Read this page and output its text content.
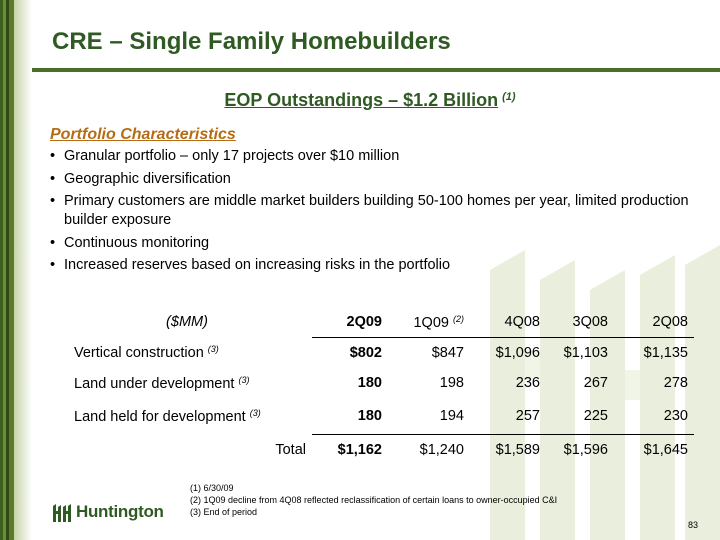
CRE – Single Family Homebuilders
EOP Outstandings – $1.2 Billion $^{(1)}$
Portfolio Characteristics
• Granular portfolio – only 17 projects over $10 million
• Geographic diversification
• Primary customers are middle market builders building 50-100 homes per year, limited production builder exposure
• Continuous monitoring
• Increased reserves based on increasing risks in the portfolio
($MM)	2Q09	1Q09 $^{(2)}$	4Q08	3Q08	2Q08
Vertical construction $^{(3)}$	$802	$847	$1,096	$1,103	$1,135
Land under development $^{(3)}$	180	198	236	267	278
Land held for development $^{(3)}$	180	194	257	225	230
Total	$1,162	$1,240	$1,589	$1,596	$1,645
Huntington
(1) 6/30/09
(2) 1Q09 decline from 4Q08 reflected reclassification of certain loans to owner-occupied C&I
(3) End of period
83
